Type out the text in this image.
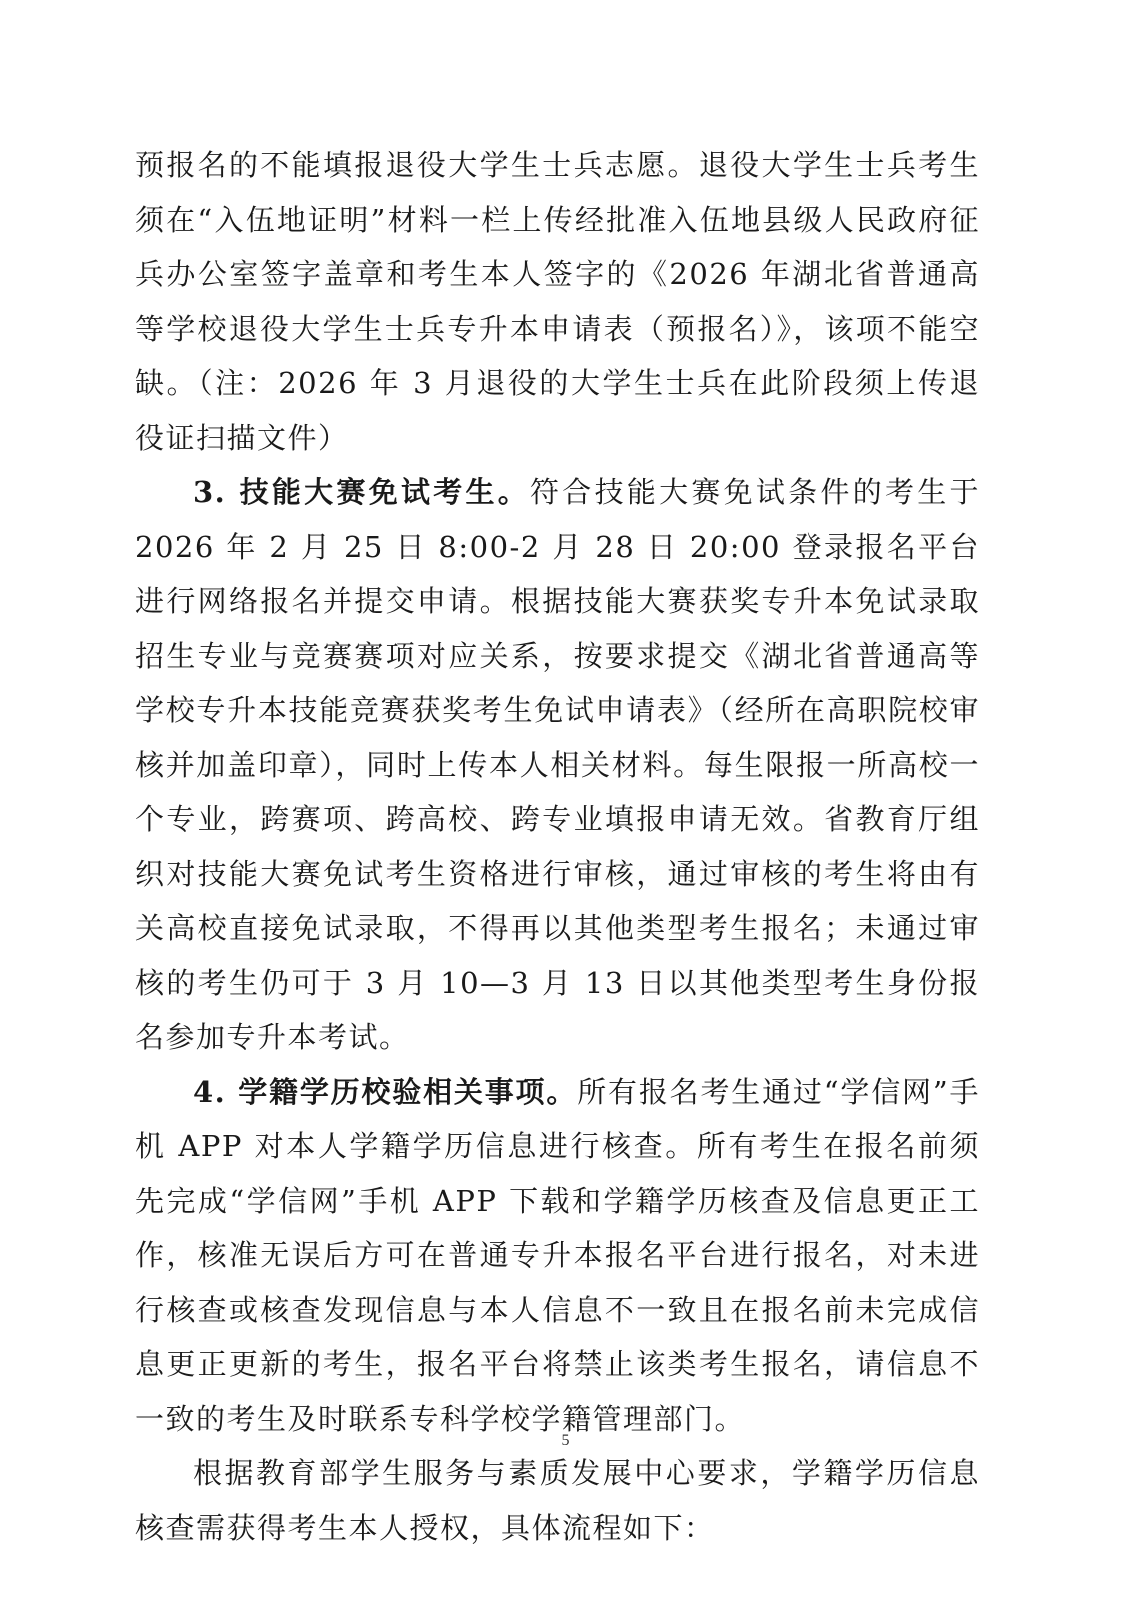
预报名的不能填报退役大学生士兵志愿。退役大学生士兵考生须在“入伍地证明”材料一栏上传经批准入伍地县级人民政府征兵办公室签字盖章和考生本人签字的《2026 年湖北省普通高等学校退役大学生士兵专升本申请表（预报名）》，该项不能空缺。（注：2026 年 3 月退役的大学生士兵在此阶段须上传退役证扫描文件）

3. 技能大赛免试考生。符合技能大赛免试条件的考生于 2026 年 2 月 25 日 8:00-2 月 28 日 20:00 登录报名平台进行网络报名并提交申请。根据技能大赛获奖专升本免试录取招生专业与竞赛赛项对应关系，按要求提交《湖北省普通高等学校专升本技能竞赛获奖考生免试申请表》（经所在高职院校审核并加盖印章），同时上传本人相关材料。每生限报一所高校一个专业，跨赛项、跨高校、跨专业填报申请无效。省教育厅组织对技能大赛免试考生资格进行审核，通过审核的考生将由有关高校直接免试录取，不得再以其他类型考生报名；未通过审核的考生仍可于 3 月 10—3 月 13 日以其他类型考生身份报名参加专升本考试。

4. 学籍学历校验相关事项。所有报名考生通过“学信网”手机 APP 对本人学籍学历信息进行核查。所有考生在报名前须先完成“学信网”手机 APP 下载和学籍学历核查及信息更正工作，核准无误后方可在普通专升本报名平台进行报名，对未进行核查或核查发现信息与本人信息不一致且在报名前未完成信息更正更新的考生，报名平台将禁止该类考生报名，请信息不一致的考生及时联系专科学校学籍管理部门。

根据教育部学生服务与素质发展中心要求，学籍学历信息核查需获得考生本人授权，具体流程如下：

5
